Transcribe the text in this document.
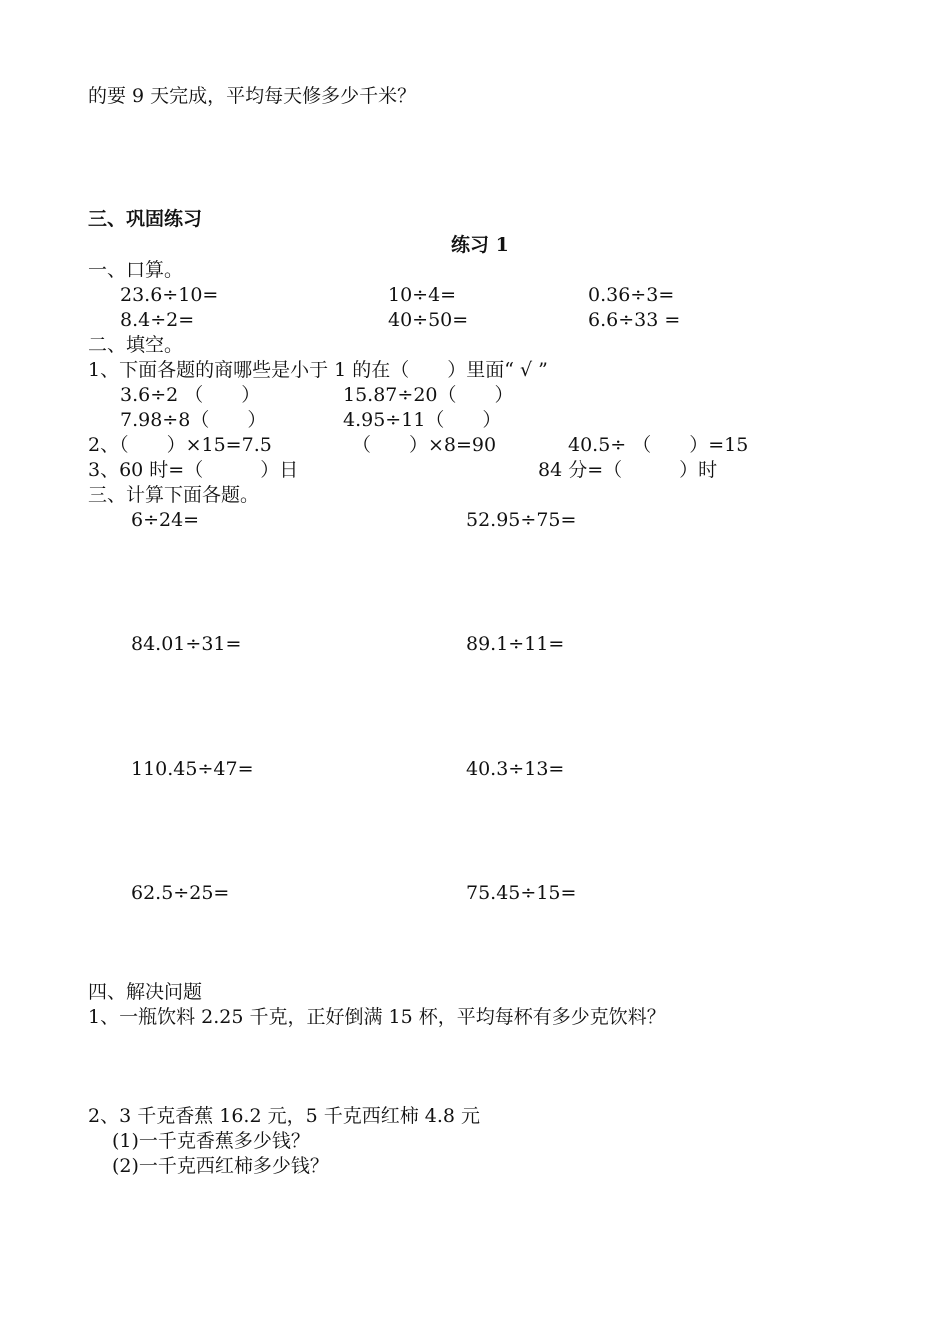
的要 9 天完成，平均每天修多少千米？
三、巩固练习
练习 1
一、口算。
23.6÷10=	10÷4=	0.36÷3=
8.4÷2=	40÷50=	6.6÷33 =
二、填空。
1、下面各题的商哪些是小于 1 的在（　　）里面“ √ ”
3.6÷2 （　　）	15.87÷20（　　）
7.98÷8（　　）	4.95÷11（　　）
2、（　　）×15=7.5	（　　）×8=90	40.5÷ （　　）=15
3、60 时=（　　　）日	84 分=（　　　）时
三、计算下面各题。
6÷24=	52.95÷75=
84.01÷31=	89.1÷11=
110.45÷47=	40.3÷13=
62.5÷25=	75.45÷15=
四、解决问题
1、一瓶饮料 2.25 千克，正好倒满 15 杯，平均每杯有多少克饮料？
2、3 千克香蕉 16.2 元，5 千克西红柿 4.8 元
(1)一千克香蕉多少钱？
(2)一千克西红柿多少钱？
